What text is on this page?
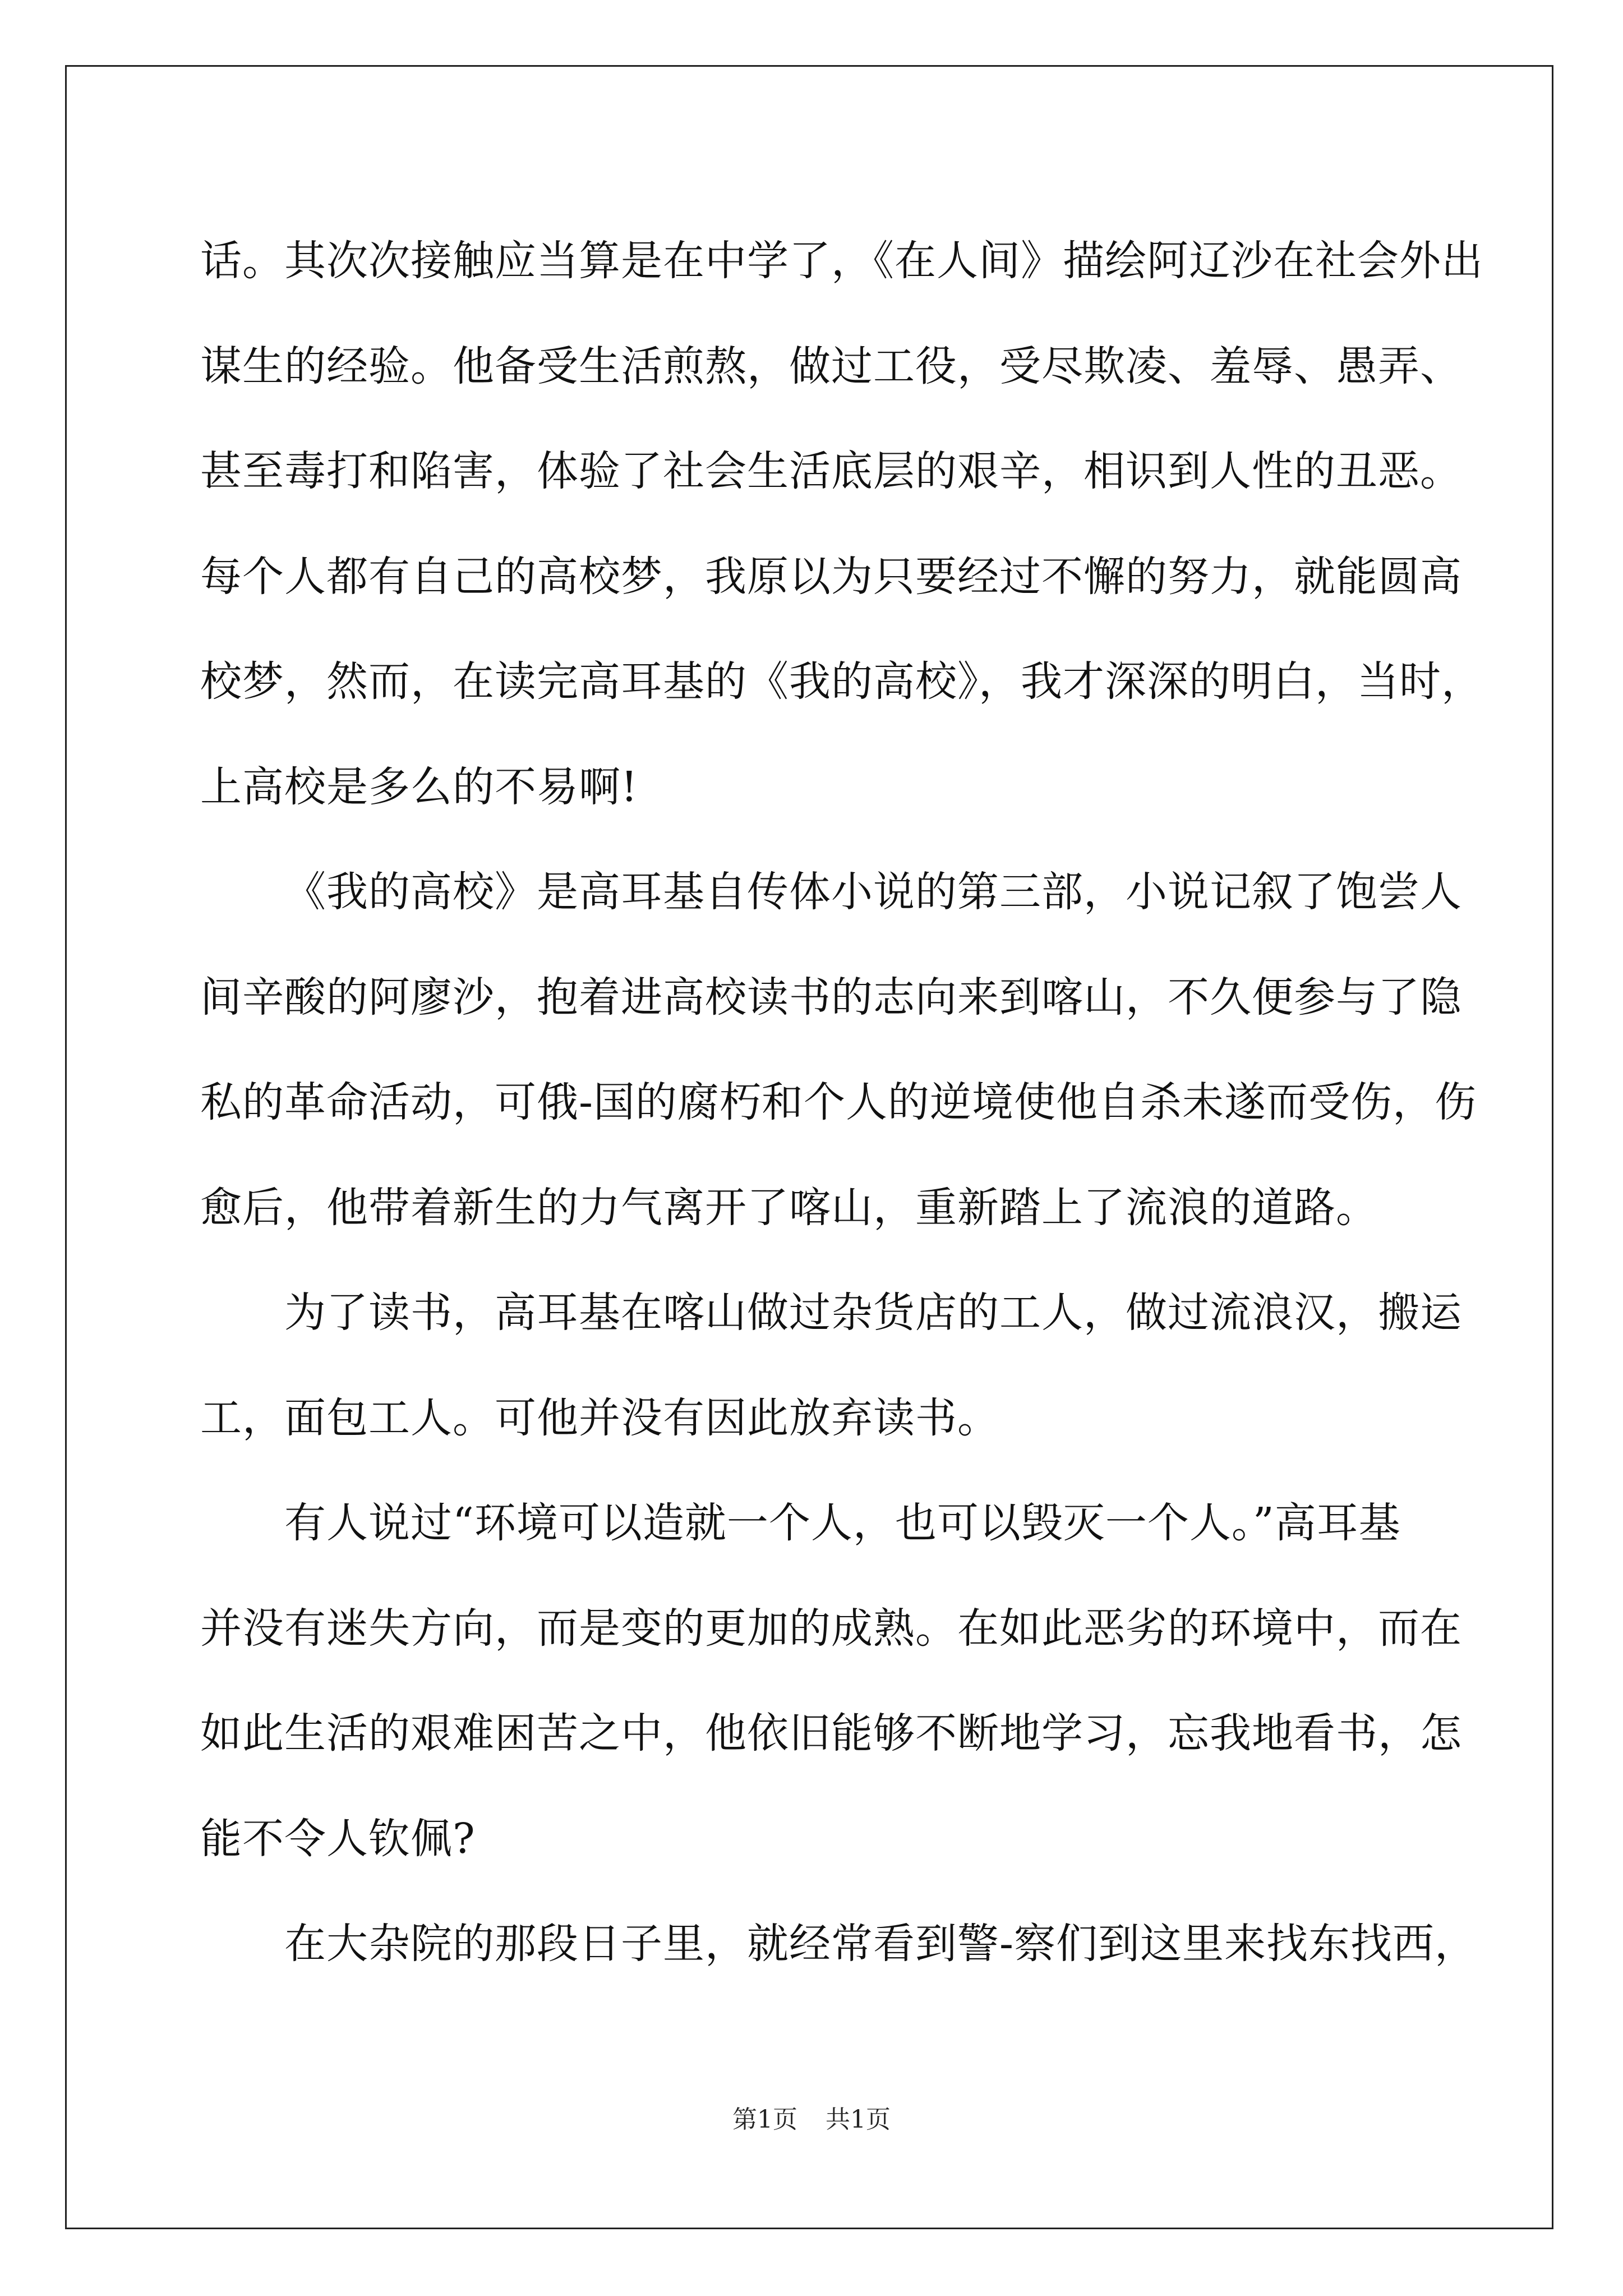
话。其次次接触应当算是在中学了，《在人间》描绘阿辽沙在社会外出
谋生的经验。他备受生活煎熬，做过工役，受尽欺凌、羞辱、愚弄、
甚至毒打和陷害，体验了社会生活底层的艰辛，相识到人性的丑恶。
每个人都有自己的高校梦，我原以为只要经过不懈的努力，就能圆高
校梦，然而，在读完高耳基的《我的高校》，我才深深的明白，当时，
上高校是多么的不易啊!
《我的高校》是高耳基自传体小说的第三部，小说记叙了饱尝人
间辛酸的阿廖沙，抱着进高校读书的志向来到喀山，不久便参与了隐
私的革命活动，可俄-国的腐朽和个人的逆境使他自杀未遂而受伤，伤
愈后，他带着新生的力气离开了喀山，重新踏上了流浪的道路。
为了读书，高耳基在喀山做过杂货店的工人，做过流浪汉，搬运
工，面包工人。可他并没有因此放弃读书。
有人说过“环境可以造就一个人，也可以毁灭一个人。”高耳基
并没有迷失方向，而是变的更加的成熟。在如此恶劣的环境中，而在
如此生活的艰难困苦之中，他依旧能够不断地学习，忘我地看书，怎
能不令人钦佩?
在大杂院的那段日子里，就经常看到警-察们到这里来找东找西，
第1页 共1页
